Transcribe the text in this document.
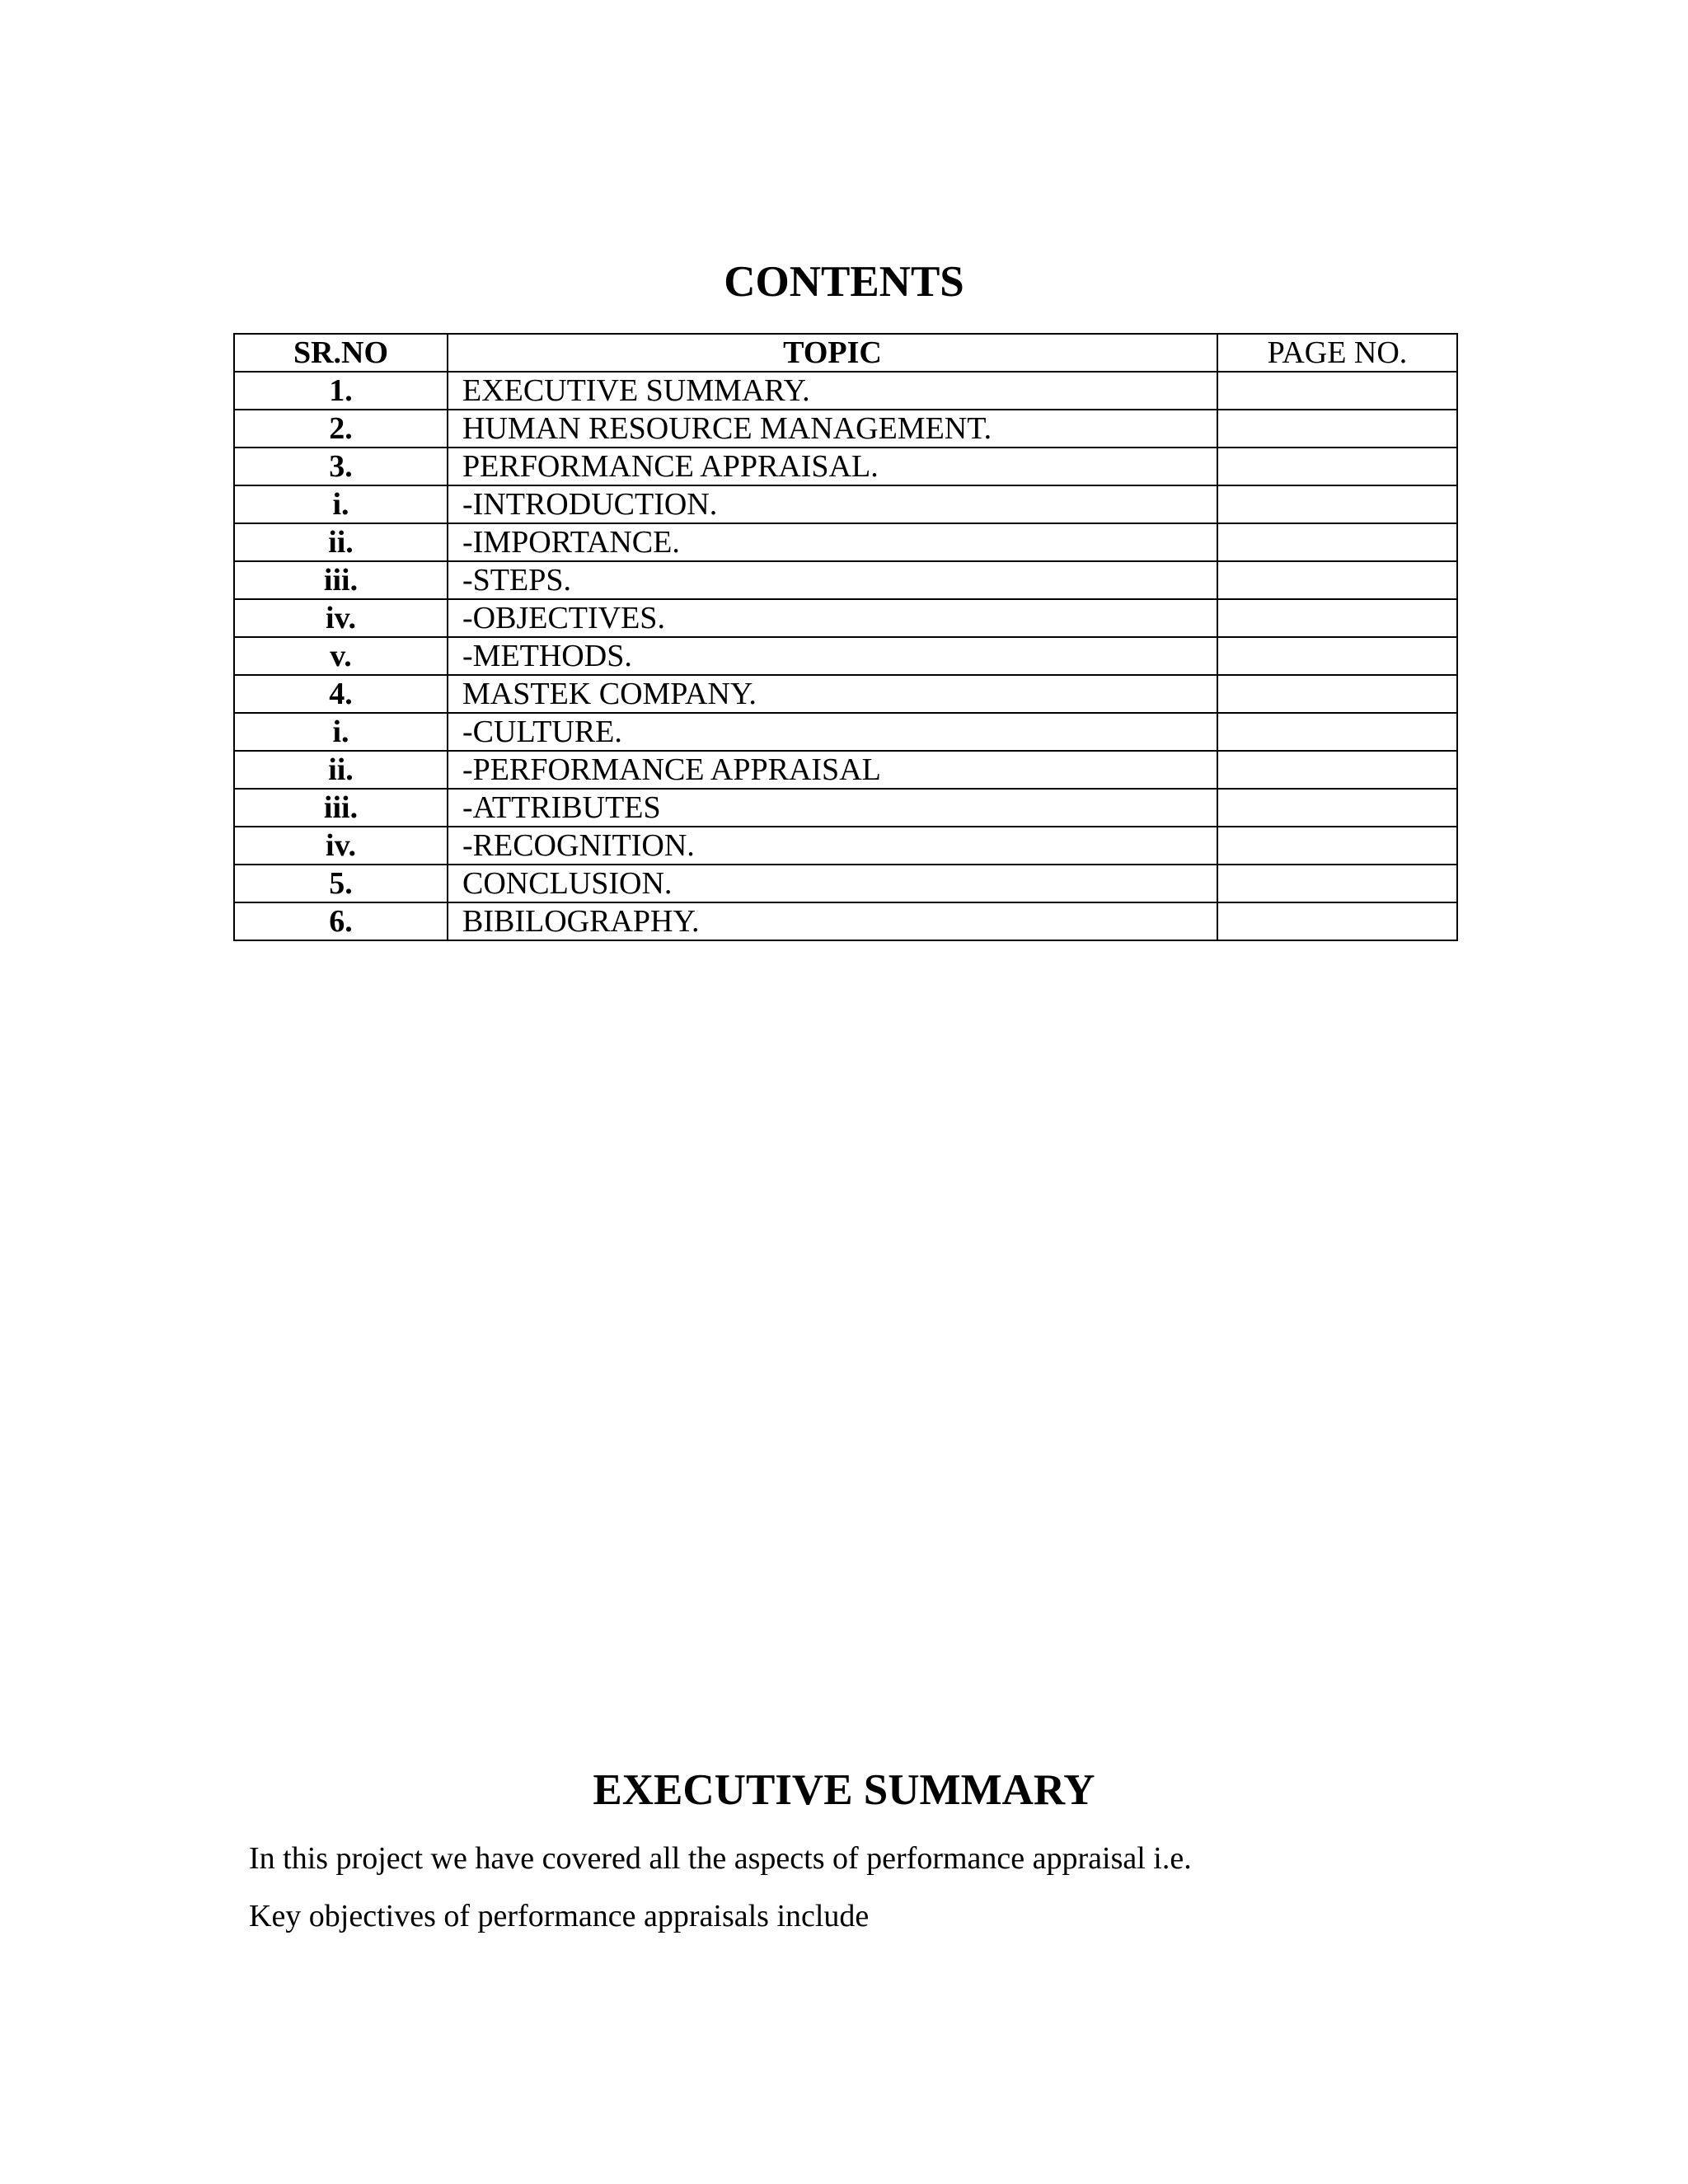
CONTENTS
SR.NO	TOPIC	PAGE NO.
1.	EXECUTIVE SUMMARY.	
2.	HUMAN RESOURCE MANAGEMENT.	
3.	PERFORMANCE APPRAISAL.	
i.	-INTRODUCTION.	
ii.	-IMPORTANCE.	
iii.	-STEPS.	
iv.	-OBJECTIVES.	
v.	-METHODS.	
4.	MASTEK COMPANY.	
i.	-CULTURE.	
ii.	-PERFORMANCE APPRAISAL	
iii.	-ATTRIBUTES	
iv.	-RECOGNITION.	
5.	CONCLUSION.	
6.	BIBILOGRAPHY.	
EXECUTIVE SUMMARY

In this project we have covered all the aspects of performance appraisal i.e.

Key objectives of performance appraisals include
